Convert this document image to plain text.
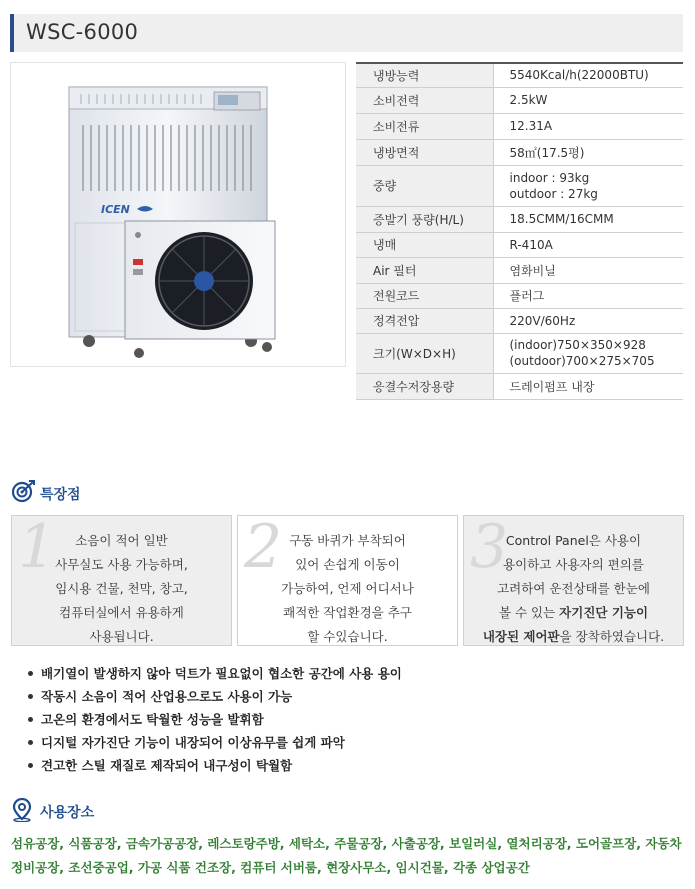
WSC-6000
ICEN
냉방능력	5540Kcal/h(22000BTU)
소비전력	2.5kW
소비전류	12.31A
냉방면적	58㎡(17.5평)
중량	indoor : 93kg
outdoor : 27kg

증발기 풍량(H/L)	18.5CMM/16CMM
냉매	R-410A
Air 필터	염화비닐
전원코드	플러그
정격전압	220V/60Hz
크기(W×D×H)	(indoor)750×350×928
(outdoor)700×275×705

응결수저장용량	드레이펌프 내장
특장점
1	소음이 적어 일반
사무실도 사용 가능하며,
임시용 건물, 천막, 창고,
컴퓨터실에서 유용하게
사용됩니다.
2 구동 바퀴가 부착되어
있어 손쉽게 이동이
가능하여, 언제 어디서나
쾌적한 작업환경을 추구
할 수있습니다.
3
Control Panel은 사용이
용이하고 사용자의 편의를
고려하여 운전상태를 한눈에
볼 수 있는 자기진단 기능이
내장된 제어판을 장착하였습니다.
배기열이 발생하지 않아 덕트가 필요없이 협소한 공간에 사용 용이
작동시 소음이 적어 산업용으로도 사용이 가능
고온의 환경에서도 탁월한 성능을 발휘함
디지털 자가진단 기능이 내장되어 이상유무를 쉽게 파악
견고한 스틸 재질로 제작되어 내구성이 탁월함
사용장소
섬유공장, 식품공장, 금속가공공장, 레스토랑주방, 세탁소, 주물공장, 사출공장, 보일러실, 열처리공장, 도어골프장, 자동차
정비공장, 조선중공업, 가공 식품 건조장, 컴퓨터 서버룸, 현장사무소, 임시건물, 각종 상업공간
